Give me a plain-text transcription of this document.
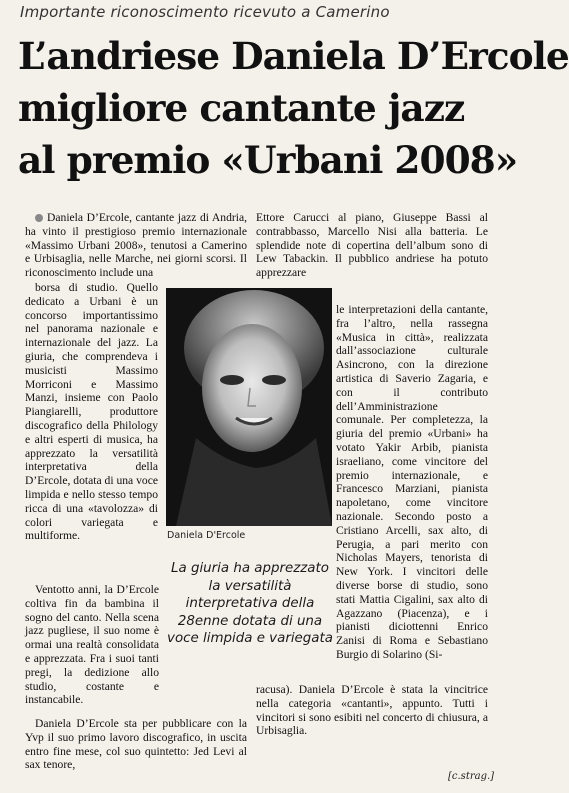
Importante riconoscimento ricevuto a Camerino
L’andriese Daniela D’Ercole
migliore cantante jazz
al premio «Urbani 2008»

Daniela D’Ercole, cantante jazz di Andria, ha vinto il prestigioso premio internazionale «Massimo Urbani 2008», tenutosi a Camerino e Urbisaglia, nelle Marche, nei giorni scorsi. Il riconoscimento include una

borsa di studio. Quello dedicato a Urbani è un concorso importantissimo nel panorama nazionale e internazionale del jazz. La giuria, che comprendeva i musicisti Massimo Morriconi e Massimo Manzi, insieme con Paolo Piangiarelli, produttore discografico della Philology e altri esperti di musica, ha apprezzato la versatilità interpretativa della D’Ercole, dotata di una voce limpida e nello stesso tempo ricca di una «tavolozza» di colori variegata e multiforme.

Ventotto anni, la D’Ercole coltiva fin da bambina il sogno del canto. Nella scena jazz pugliese, il suo nome è ormai una realtà consolidata e apprezzata. Fra i suoi tanti pregi, la dedizione allo studio, costante e instancabile.

Daniela D’Ercole sta per pubblicare con la Yvp il suo primo lavoro discografico, in uscita entro fine mese, col suo quintetto: Jed Levi al sax tenore,

Ettore Carucci al piano, Giuseppe Bassi al contrabbasso, Marcello Nisi alla batteria. Le splendide note di copertina dell’album sono di Lew Tabackin. Il pubblico andriese ha potuto apprezzare

le interpretazioni della cantante, fra l’altro, nella rassegna «Musica in città», realizzata dall’associazione culturale Asincrono, con la direzione artistica di Saverio Zagaria, e con il contributo dell’Amministrazione comunale. Per completezza, la giuria del premio «Urbani» ha votato Yakir Arbib, pianista israeliano, come vincitore del premio internazionale, e Francesco Marziani, pianista napoletano, come vincitore nazionale. Secondo posto a Cristiano Arcelli, sax alto, di Perugia, a pari merito con Nicholas Mayers, tenorista di New York. I vincitori delle diverse borse di studio, sono stati Mattia Cigalini, sax alto di Agazzano (Piacenza), e i pianisti diciottenni Enrico Zanisi di Roma e Sebastiano Burgio di Solarino (Si-

racusa). Daniela D’Ercole è stata la vincitrice nella categoria «cantanti», appunto. Tutti i vincitori si sono esibiti nel concerto di chiusura, a Urbisaglia.

Daniela D'Ercole
La giuria ha apprezzato la versatilità interpretativa della 28enne dotata di una voce limpida e variegata
[c.strag.]
